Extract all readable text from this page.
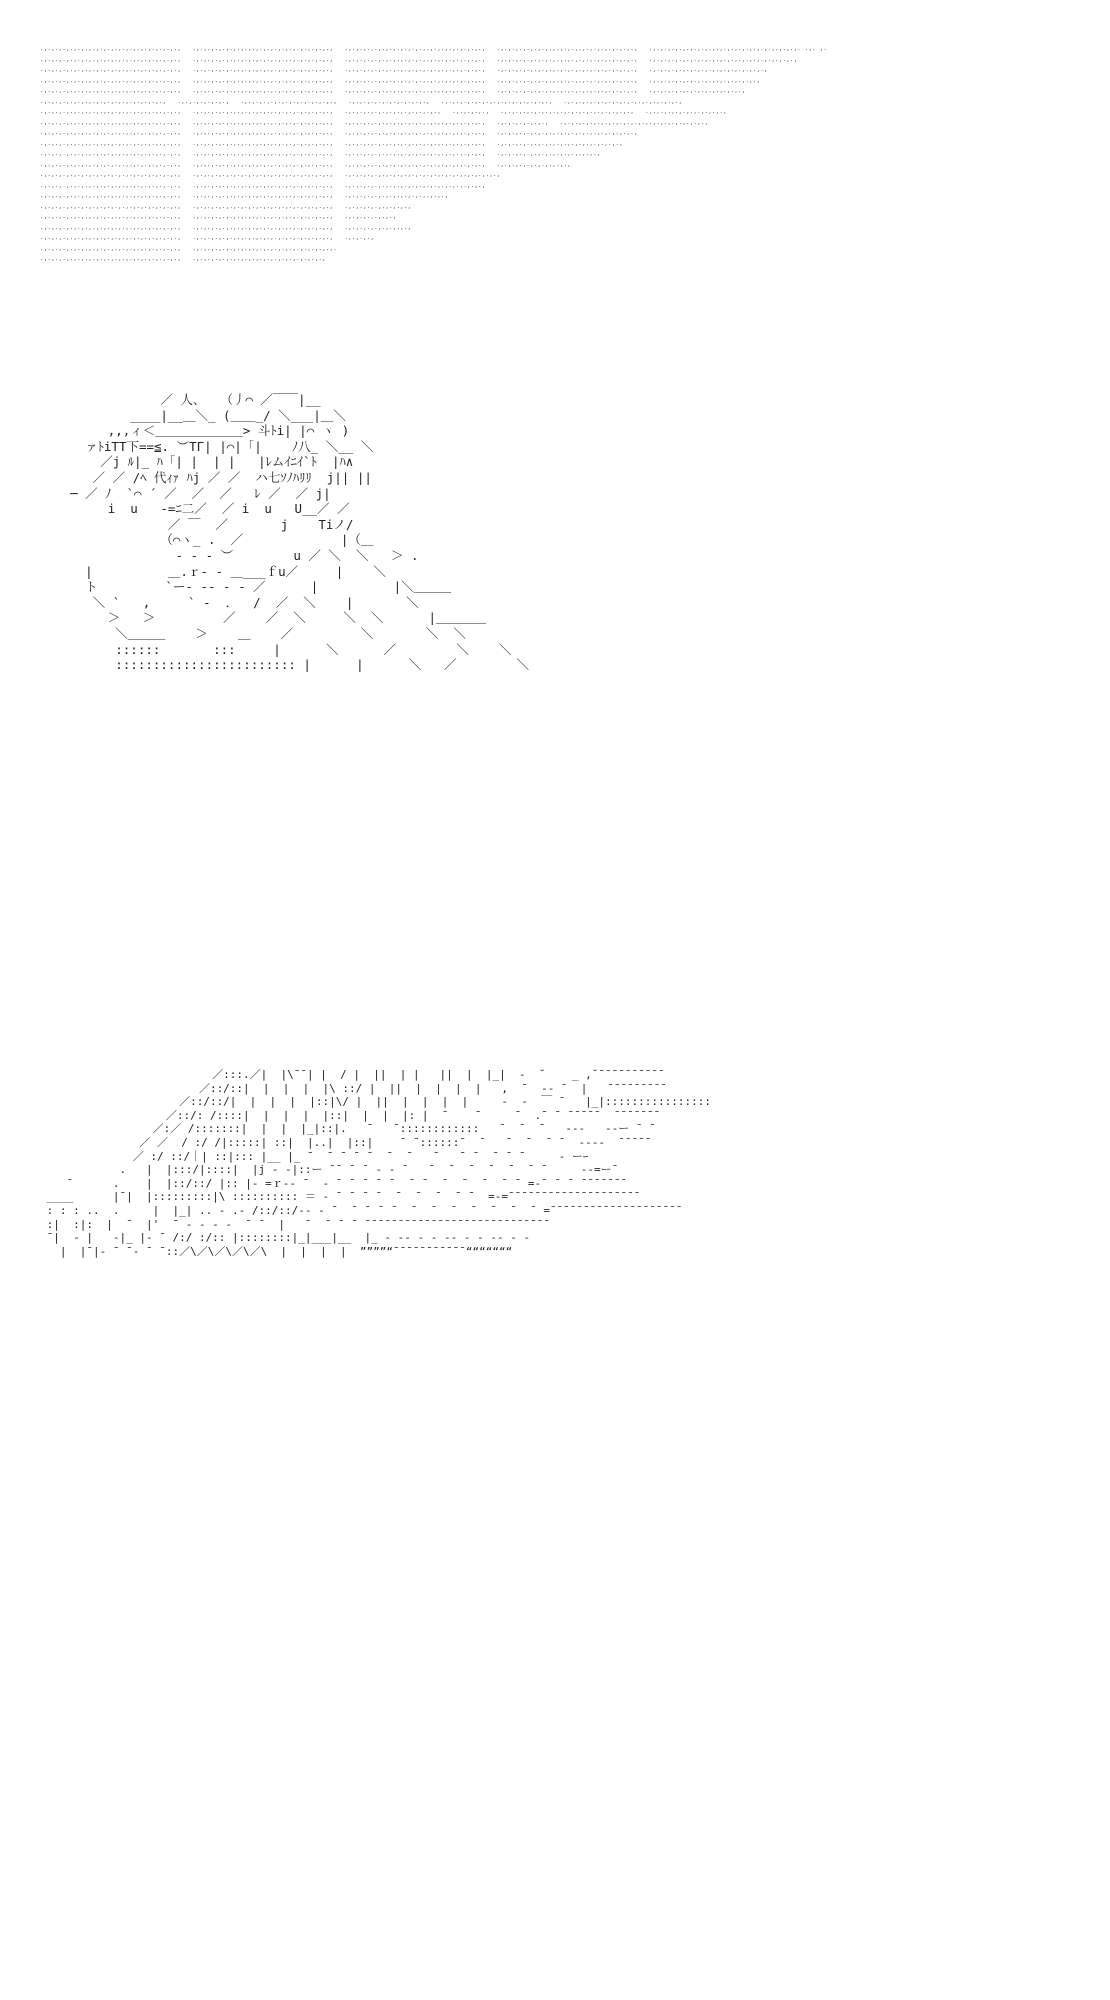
.,.,.,.,.,.,.,.,.,.,.,.,.,.,.,.,.,.,.,   .,.,.,.,.,.,.,.,.,.,.,.,.,.,.,.,.,.,.,   .,.,.,.,.,.,.,.,.,.,.,.,.,.,.,.,.,.,.,   .,.,.,.,.,.,.,.,.,.,.,.,.,.,.,.,.,.,.,   .,.,.,.,.,.,.,.,.,.,.,.,.,.,.,.,.,.,.,.,. .,. ,.
.,.,.,.,.,.,.,.,.,.,.,.,.,.,.,.,.,.,.,   .,.,.,.,.,.,.,.,.,.,.,.,.,.,.,.,.,.,.,   .,.,.,.,.,.,.,.,.,.,.,.,.,.,.,.,.,.,.,   .,.,.,.,.,.,.,.,.,.,.,.,.,.,.,.,.,.,.,   .,.,.,.,.,.,.,.,.,.,.,.,.,.,.,.,.,.,.,.,
.,.,.,.,.,.,.,.,.,.,.,.,.,.,.,.,.,.,.,   .,.,.,.,.,.,.,.,.,.,.,.,.,.,.,.,.,.,.,   .,.,.,.,.,.,.,.,.,.,.,.,.,.,.,.,.,.,.,   .,.,.,.,.,.,.,.,.,.,.,.,.,.,.,.,.,.,.,   .,.,.,.,.,.,.,.,.,.,.,.,.,.,.,.,
.,.,.,.,.,.,.,.,.,.,.,.,.,.,.,.,.,.,.,   .,.,.,.,.,.,.,.,.,.,.,.,.,.,.,.,.,.,.,   .,.,.,.,.,.,.,.,.,.,.,.,.,.,.,.,.,.,.,   .,.,.,.,.,.,.,.,.,.,.,.,.,.,.,.,.,.,.,   .,.,.,.,.,.,.,.,.,.,.,.,.,.,.,
.,.,.,.,.,.,.,.,.,.,.,.,.,.,.,.,.,.,.,   .,.,.,.,.,.,.,.,.,.,.,.,.,.,.,.,.,.,.,   .,.,.,.,.,.,.,.,.,.,.,.,.,.,.,.,.,.,.,   .,.,.,.,.,.,.,.,.,.,.,.,.,.,.,.,.,.,.,   .,.,.,.,.,.,.,.,.,.,.,.,.,
.,.,.,.,.,.,.,.,.,.,.,.,.,.,.,.,.,   .,.,.,.,.,.,.,   .,.,.,.,.,.,.,.,.,.,.,.,.,   .,.,.,.,.,.,.,.,.,.,.,   .,.,.,.,.,.,.,.,.,.,.,.,.,.,.,   .,.,.,.,.,.,.,.,.,.,.,.,.,.,.,.,
.,.,.,.,.,.,.,.,.,.,.,.,.,.,.,.,.,.,.,   .,.,.,.,.,.,.,.,.,.,.,.,.,.,.,.,.,.,.,   .,.,.,.,.,.,.,.,.,.,.,.,.,   .,.,.,.,.,   .,.,.,.,.,.,.,.,.,.,.,.,.,.,.,.,.,.,   .,.,.,.,.,.,.,.,.,.,.,
.,.,.,.,.,.,.,.,.,.,.,.,.,.,.,.,.,.,.,   .,.,.,.,.,.,.,.,.,.,.,.,.,.,.,.,.,.,.,   .,.,.,.,.,.,.,.,.,.,.,.,.,.,.,.,.,.,.,   .,.,.,.,.,.,.,   .,.,.,.,.,.,.,.,.,.,.,.,.,.,.,.,.,.,.,.,
.,.,.,.,.,.,.,.,.,.,.,.,.,.,.,.,.,.,.,   .,.,.,.,.,.,.,.,.,.,.,.,.,.,.,.,.,.,.,   .,.,.,.,.,.,.,.,.,.,.,.,.,.,.,.,.,.,.,   .,.,.,.,.,.,.,.,.,.,.,.,.,.,.,.,.,.,.,
.,.,.,.,.,.,.,.,.,.,.,.,.,.,.,.,.,.,.,   .,.,.,.,.,.,.,.,.,.,.,.,.,.,.,.,.,.,.,   .,.,.,.,.,.,.,.,.,.,.,.,.,.,.,.,.,.,.,   .,.,.,.,.,.,.,.,.,.,.,.,.,.,.,.,.,
.,.,.,.,.,.,.,.,.,.,.,.,.,.,.,.,.,.,.,   .,.,.,.,.,.,.,.,.,.,.,.,.,.,.,.,.,.,.,   .,.,.,.,.,.,.,.,.,.,.,.,.,.,.,.,.,.,.,   .,.,.,.,.,.,.,.,.,.,.,.,.,.,
.,.,.,.,.,.,.,.,.,.,.,.,.,.,.,.,.,.,.,   .,.,.,.,.,.,.,.,.,.,.,.,.,.,.,.,.,.,.,   .,.,.,.,.,.,.,.,.,.,.,.,.,.,.,.,.,.,.,   .,.,.,.,.,.,.,.,.,.,
.,.,.,.,.,.,.,.,.,.,.,.,.,.,.,.,.,.,.,   .,.,.,.,.,.,.,.,.,.,.,.,.,.,.,.,.,.,.,   .,.,.,.,.,.,.,.,.,.,.,.,.,.,.,.,.,.,.,.,.,
.,.,.,.,.,.,.,.,.,.,.,.,.,.,.,.,.,.,.,   .,.,.,.,.,.,.,.,.,.,.,.,.,.,.,.,.,.,.,   .,.,.,.,.,.,.,.,.,.,.,.,.,.,.,.,.,.,.,
.,.,.,.,.,.,.,.,.,.,.,.,.,.,.,.,.,.,.,   .,.,.,.,.,.,.,.,.,.,.,.,.,.,.,.,.,.,.,   .,.,.,.,.,.,.,.,.,.,.,.,.,.,
.,.,.,.,.,.,.,.,.,.,.,.,.,.,.,.,.,.,.,   .,.,.,.,.,.,.,.,.,.,.,.,.,.,.,.,.,.,.,   .,.,.,.,.,.,.,.,.,
.,.,.,.,.,.,.,.,.,.,.,.,.,.,.,.,.,.,.,   .,.,.,.,.,.,.,.,.,.,.,.,.,.,.,.,.,.,.,   .,.,.,.,.,.,.,
.,.,.,.,.,.,.,.,.,.,.,.,.,.,.,.,.,.,.,   .,.,.,.,.,.,.,.,.,.,.,.,.,.,.,.,.,.,.,   .,.,.,.,.,.,.,.,.,
.,.,.,.,.,.,.,.,.,.,.,.,.,.,.,.,.,.,.,   .,.,.,.,.,.,.,.,.,.,.,.,.,.,.,.,.,.,.,   .,.,.,.,
.,.,.,.,.,.,.,.,.,.,.,.,.,.,.,.,.,.,.,   .,.,.,.,.,.,.,.,.,.,.,.,.,.,.,.,.,.,.,.
.,.,.,.,.,.,.,.,.,.,.,.,.,.,.,.,.,.,.,   .,.,.,.,.,.,.,.,.,.,.,.,.,.,.,.,.,.,

／ 人、  （丿⌒ ／￣￣|__
____|__＿＼_ (＿＿_/ ＼___|＿＼
,,,ィ＜＿＿＿＿＿＿＿> 斗ﾄi| |⌒ ヽ )
ァﾄiTT下==≦. ︶TΓ| |⌒|「|    ﾉ八_ ＼__ ＼
／j ﾙ|_ ﾊ「| |  | |   |ﾚムｲﾆｲ`ﾄ  |ﾊ∧
／ ／ /ﾍ 代ｨｧ ﾊj ／ ／  ハ七ｿﾉﾊﾘﾘ  j|| ||
─ ／ ﾉ  `⌒ ´ ／  ／  ／   ﾚ ／  ／ j|
i  u   ‐=ﾆ二／  ／ i  u   U__／ ／
／ ￣  ／       j    Tiノ/
（⌒ヽ_ .  ／             |（＿
‐ ‐ ‐ ︶        u ／ ＼  ＼   ＞ .
|          ＿.ｒ‐ ‐ ＿___ｆu／     |    ＼
ト         `ー‐ ‐‐ ‐ ‐ ／      |          |＼＿＿＿
＼ `   ,     ` ‐  ．  /  ／  ＼    |       ＼
＞   ＞         ／    ／  ＼     ＼  ＼      |＿＿＿＿
＼＿＿＿    ＞    ＿    ／         ＼       ＼  ＼
::::::       :::     |      ＼      ／        ＼    ＼
:::::::::::::::::::::::: |      |      ＼   ／        ＼

／:::.／|  |\¯¯| |  / |  ||  | |   ||  |  |_|  -  ˘    _ ,˘¯¯¯¯¯¯¯¯¯¯
／::/::|  |  |  |  |\ ::/ |  ||  |  |  |  |   ,  ¯  -- ¯  |   ¯¯¯¯¯¯¯¯¯
／::/::/|  |  |  |  |::|\/ |  ||  |  |  |  |     -  -  ￣ ¯   |_|::::::::::::::::
／::/: /::::|  |  |  |  |::|  |  |  |: |  ¯    ¯     ¯  .¯ ¯ ¯¯¯¯¯  ¯¯¯¯¯¯¯
／:／ /:::::::|  |  |  |_|::|.   ¯   ¯::::::::::::   ¯  ¯  ¯   ---   --ー ¯ ¯
／ ／  / :/ /|:::::| ::|  |..|  |::|    ¯ ¯::::::¯  ¯   ¯  ¯  ¯ ¯  ----  ¯¯¯¯¯
／ :/ ::/｜| ::|::: |__ |_ ¯  ¯ ¯ ¯ ¯  ¯  ¯   ¯   ¯ ¯  ¯ ¯ ¯     - ーｰ
.   |  |:::/|::::|  |j ‐ ‐|::ー ¯¯ ¯ ¯ - - ¯   ¯  ¯  ¯  ¯  ¯  ¯ ¯     --=ー¯
¯      .    |  |::/::/ |:: |‐ =ｒ‐‐ ¯  ‐ ¯ ¯ ¯ ¯ ¯  ¯ ¯  ¯  ¯  ¯  ¯ ¯ =-¯ ¯ ¯ ¯¯¯¯¯¯¯
____      |¯|  |:::::::::|\ :::::::::: ＝ ‐ ¯ ¯ ¯ ¯  ¯  ¯  ¯  ¯ ¯  =-=¯¯¯¯¯¯¯¯¯¯¯¯¯¯¯¯¯¯¯¯
: : : ..  .     |  |_| .. ‐ .- /::/::/‐‐ ‐ ¯  ¯ ¯ ¯ ¯  ¯  ¯  ¯  ¯  ¯  ¯  ¯ =¯¯¯¯¯¯¯¯¯¯¯¯¯¯¯¯¯¯¯¯
:|  :|:  |  ¯  |'  ¯ ‐ ‐ ‐ ‐  ¯ ¯  |   ¯  ¯ ¯ ¯ ¯¯¯¯¯¯¯¯¯¯¯¯¯¯¯¯¯¯¯¯¯¯¯¯¯¯¯¯
¯|  ‐ |   ‐|_ |‐ ¯ /:/ :/:: |::::::::|_|___|__  |_ ‐ ‐‐ ‐ ‐ ‐‐ ‐ ‐ ‐‐ ‐ ‐
|  |¯|‐ ¯ ¯‐ ¯ ¯::／\／\／\／\／\  |  |  |  |  ””””“¯¯¯¯¯¯¯¯¯¯¯“““““““
